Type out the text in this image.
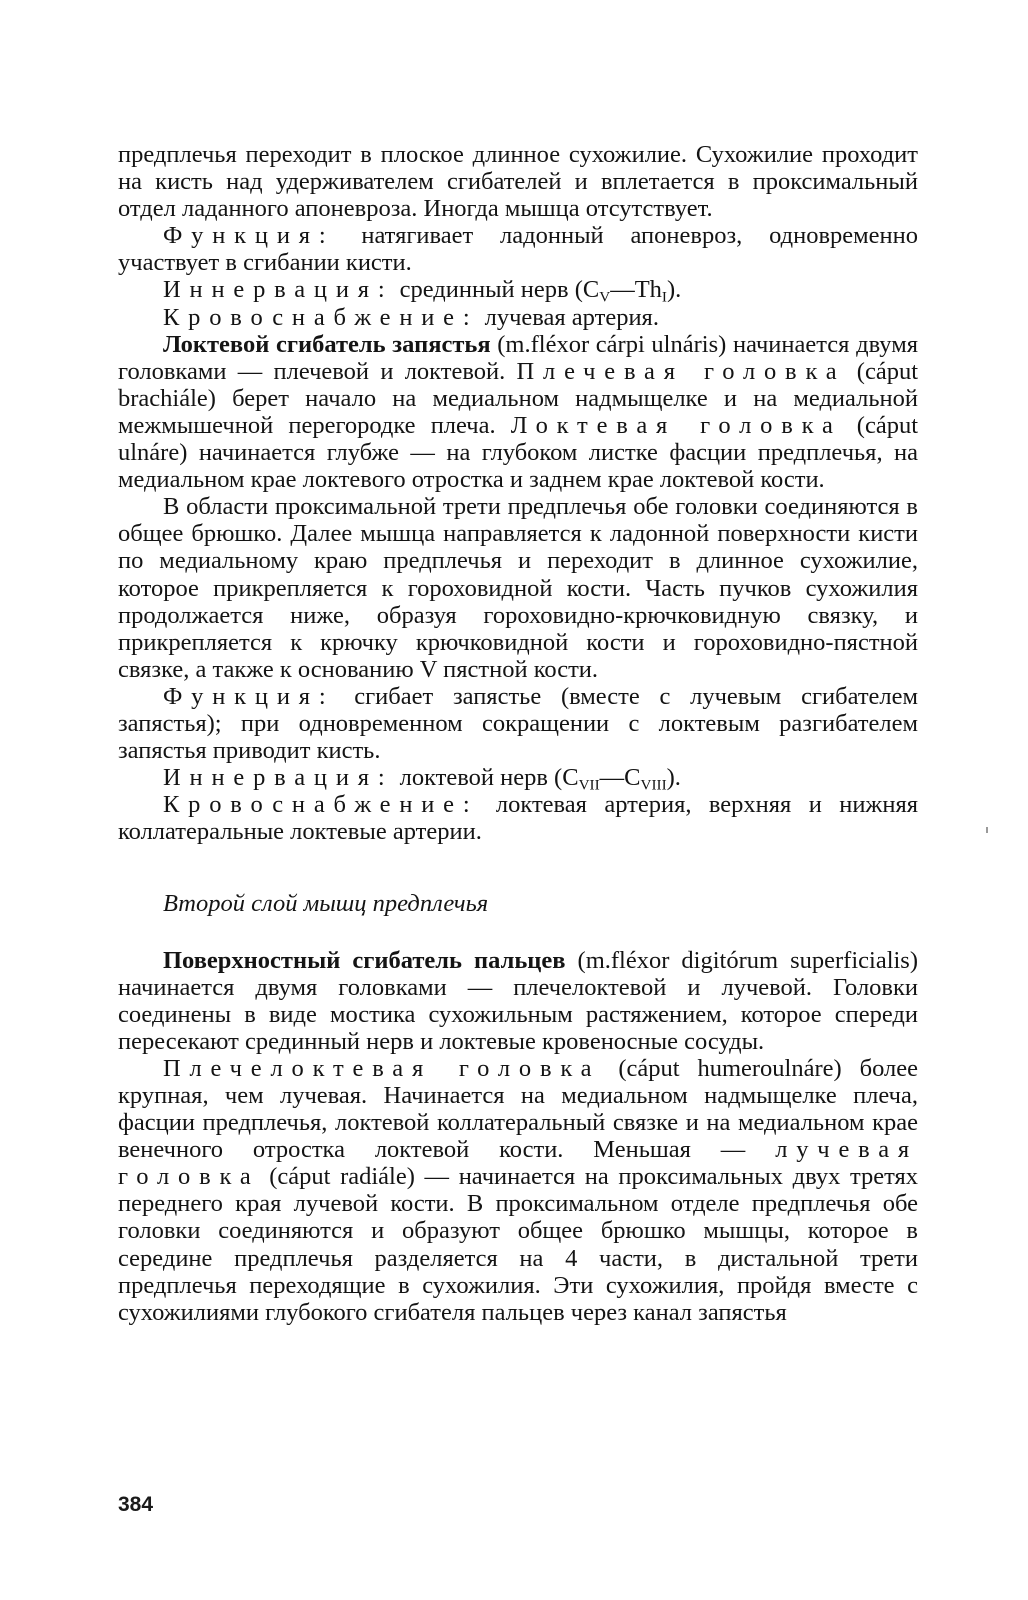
предплечья переходит в плоское длинное сухожилие. Сухожилие проходит на кисть над удерживателем сгибателей и вплетается в проксимальный отдел ладанного апоневроза. Иногда мышца отсутствует.

Функция: натягивает ладонный апоневроз, одновременно участвует в сгибании кисти.

Иннервация: срединный нерв $(C_V—Th_I)$.

Кровоснабжение: лучевая артерия.

Локтевой сгибатель запястья (m.fléxor cárpi ulnáris) начинается двумя головками — плечевой и локтевой. Плечевая головка (cáput brachiále) берет начало на медиальном надмыщелке и на медиальной межмышечной перегородке плеча. Локтевая головка (cáput ulnáre) начинается глубже — на глубоком листке фасции предплечья, на медиальном крае локтевого отростка и заднем крае локтевой кости.

В области проксимальной трети предплечья обе головки соединяются в общее брюшко. Далее мышца направляется к ладонной поверхности кисти по медиальному краю предплечья и переходит в длинное сухожилие, которое прикрепляется к гороховидной кости. Часть пучков сухожилия продолжается ниже, образуя гороховидно-крючковидную связку, и прикрепляется к крючку крючковидной кости и гороховидно-пястной связке, а также к основанию V пястной кости.

Функция: сгибает запястье (вместе с лучевым сгибателем запястья); при одновременном сокращении с локтевым разгибателем запястья приводит кисть.

Иннервация: локтевой нерв $(C_{VII}—C_{VIII})$.

Кровоснабжение: локтевая артерия, верхняя и нижняя коллатеральные локтевые артерии.

Второй слой мышц предплечья

Поверхностный сгибатель пальцев (m.fléxor digitórum superficialis) начинается двумя головками — плечелоктевой и лучевой. Головки соединены в виде мостика сухожильным растяжением, которое спереди пересекают срединный нерв и локтевые кровеносные сосуды.

Плечелоктевая головка (cáput humeroulnáre) более крупная, чем лучевая. Начинается на медиальном надмыщелке плеча, фасции предплечья, локтевой коллатеральный связке и на медиальном крае венечного отростка локтевой кости. Меньшая — лучевая головка (cáput radiále) — начинается на проксимальных двух третях переднего края лучевой кости. В проксимальном отделе предплечья обе головки соединяются и образуют общее брюшко мышцы, которое в середине предплечья разделяется на 4 части, в дистальной трети предплечья переходящие в сухожилия. Эти сухожилия, пройдя вместе с сухожилиями глубокого сгибателя пальцев через канал запястья

384
